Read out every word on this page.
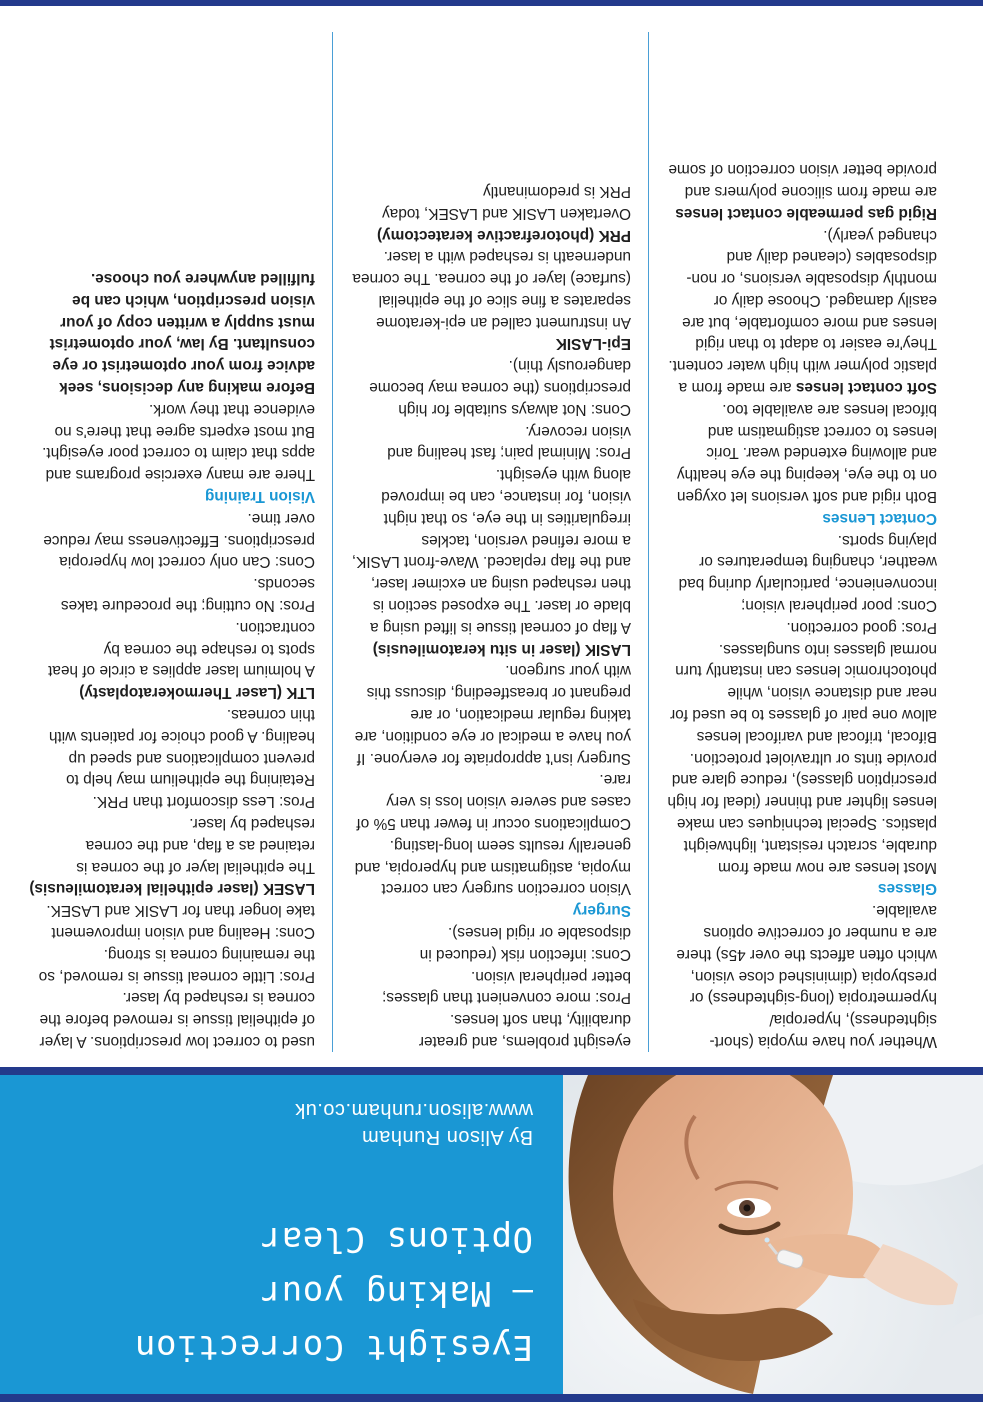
Eyesight Correction
– Making your
Options Clear
By Alison Runham
www.alison.runham.co.uk

Whether you have myopia (short-sightedness), hyperopia/ hypermetropia (long-sightedness) or presbyopia (diminished close vision, which often affects the over 45s) there are a number of corrective options available.

Glasses

Most lenses are now made from durable, scratch resistant, lightweight plastics. Special techniques can make lenses lighter and thinner (ideal for high prescription glasses), reduce glare and provide tints or ultraviolet protection. Bifocal, trifocal and varifocal lenses allow one pair of glasses to be used for near and distance vision, while photochromic lenses can instantly turn normal glasses into sunglasses.

Pros: good correction.

Cons: poor peripheral vision; inconvenience, particularly during bad weather, changing temperatures or playing sports.

Contact Lenses

Both rigid and soft versions let oxygen on to the eye, keeping the eye healthy and allowing extended wear. Toric lenses to correct astigmatism and bifocal lenses are available too.

Soft contact lenses are made from a plastic polymer with high water content. They're easier to adapt to than rigid lenses and more comfortable, but are easily damaged. Choose daily or monthly disposable versions, or non-disposables (cleaned daily and changed yearly).

Rigid gas permeable contact lenses are made from silicone polymers and provide better vision correction of some

eyesight problems, and greater durability, than soft lenses.

Pros: more convenient than glasses; better peripheral vision.

Cons: infection risk (reduced in disposable or rigid lenses).

Surgery

Vision correction surgery can correct myopia, astigmatism and hyperopia, and generally results seem long-lasting. Complications occur in fewer than 5% of cases and severe vision loss is very rare.

Surgery isn't appropriate for everyone. If you have a medical or eye condition, are taking regular medication, or are pregnant or breastfeeding, discuss this with your surgeon.

LASIK (laser in situ keratomileusis)

A flap of corneal tissue is lifted using a blade or laser. The exposed section is then reshaped using an excimer laser, and the flap replaced. Wave-front LASIK, a more refined version, tackles irregularities in the eye, so that night vision, for instance, can be improved along with eyesight.

Pros: Minimal pain; fast healing and vision recovery.

Cons: Not always suitable for high prescriptions (the cornea may become dangerously thin).

Epi-LASIK

An instrument called an epi-keratome separates a fine slice of the epithelial (surface) layer of the cornea. The cornea underneath is reshaped with a laser.

PRK (photorefractive keratectomy)

Overtaken LASIK and LASEK, today PRK is predominantly

used to correct low prescriptions. A layer of epithelial tissue is removed before the cornea is reshaped by laser.

Pros: Little corneal tissue is removed, so the remaining cornea is strong.

Cons: Healing and vision improvement take longer than for LASIK and LASEK.

LASEK (laser epithelial keratomileusis)

The epithelial layer of the cornea is retained as a flap, and the cornea reshaped by laser.

Pros: Less discomfort than PRK. Retaining the epithelium may help to prevent complications and speed up healing. A good choice for patients with thin corneas.

LTK (Laser Thermokeratoplasty)

A holmium laser applies a circle of heat spots to reshape the cornea by contraction.

Pros: No cutting; the procedure takes seconds.

Cons: Can only correct low hyperopia prescriptions. Effectiveness may reduce over time.

Vision Training

There are many exercise programs and apps that claim to correct poor eyesight. But most experts agree that there's no evidence that they work.

Before making any decisions, seek advice from your optometrist or eye consultant. By law, your optometrist must supply a written copy of your vision prescription, which can be fulfilled anywhere you choose.
